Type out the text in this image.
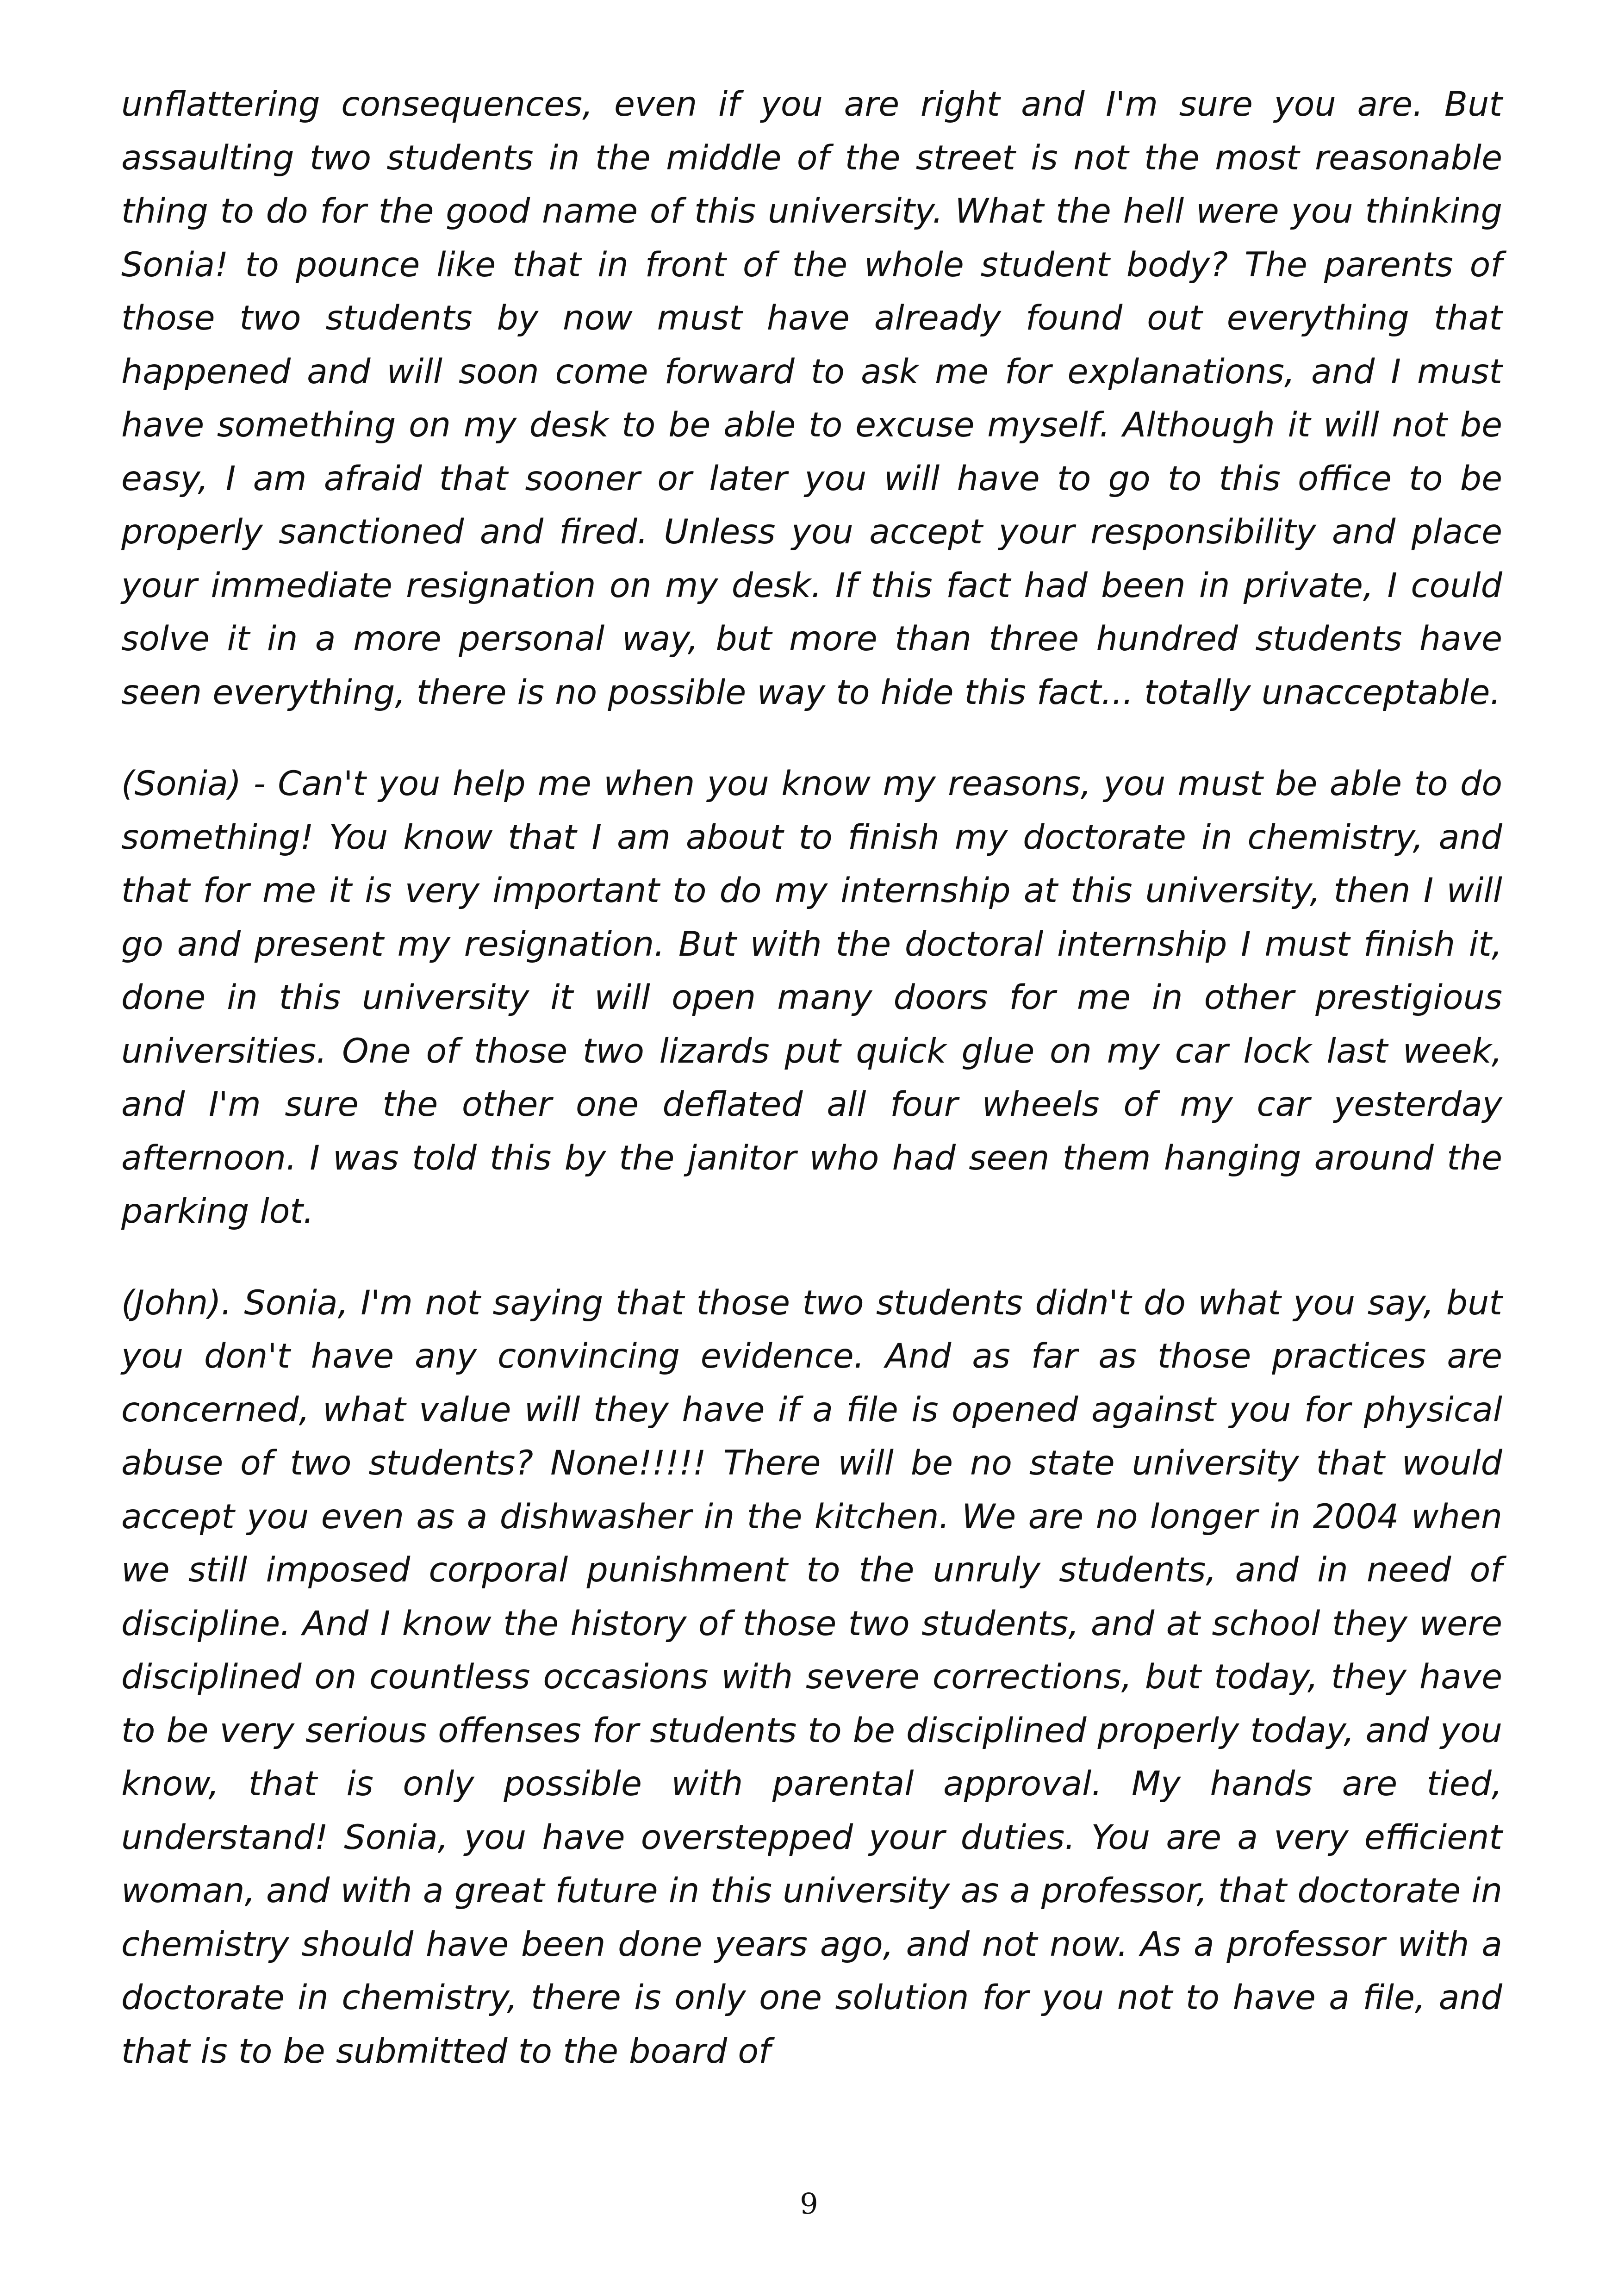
unflattering consequences, even if you are right and I'm sure you are. But assaulting two students in the middle of the street is not the most reasonable thing to do for the good name of this university. What the hell were you thinking Sonia! to pounce like that in front of the whole student body? The parents of those two students by now must have already found out everything that happened and will soon come forward to ask me for explanations, and I must have something on my desk to be able to excuse myself. Although it will not be easy, I am afraid that sooner or later you will have to go to this office to be properly sanctioned and fired. Unless you accept your responsibility and place your immediate resignation on my desk. If this fact had been in private, I could solve it in a more personal way, but more than three hundred students have seen everything, there is no possible way to hide this fact... totally unacceptable.

(Sonia) - Can't you help me when you know my reasons, you must be able to do something! You know that I am about to finish my doctorate in chemistry, and that for me it is very important to do my internship at this university, then I will go and present my resignation. But with the doctoral internship I must finish it, done in this university it will open many doors for me in other prestigious universities. One of those two lizards put quick glue on my car lock last week, and I'm sure the other one deflated all four wheels of my car yesterday afternoon. I was told this by the janitor who had seen them hanging around the parking lot.

(John). Sonia, I'm not saying that those two students didn't do what you say, but you don't have any convincing evidence. And as far as those practices are concerned, what value will they have if a file is opened against you for physical abuse of two students? None!!!!! There will be no state university that would accept you even as a dishwasher in the kitchen. We are no longer in 2004 when we still imposed corporal punishment to the unruly students, and in need of discipline. And I know the history of those two students, and at school they were disciplined on countless occasions with severe corrections, but today, they have to be very serious offenses for students to be disciplined properly today, and you know, that is only possible with parental approval. My hands are tied, understand! Sonia, you have overstepped your duties. You are a very efficient woman, and with a great future in this university as a professor, that doctorate in chemistry should have been done years ago, and not now. As a professor with a doctorate in chemistry, there is only one solution for you not to have a file, and that is to be submitted to the board of

9
